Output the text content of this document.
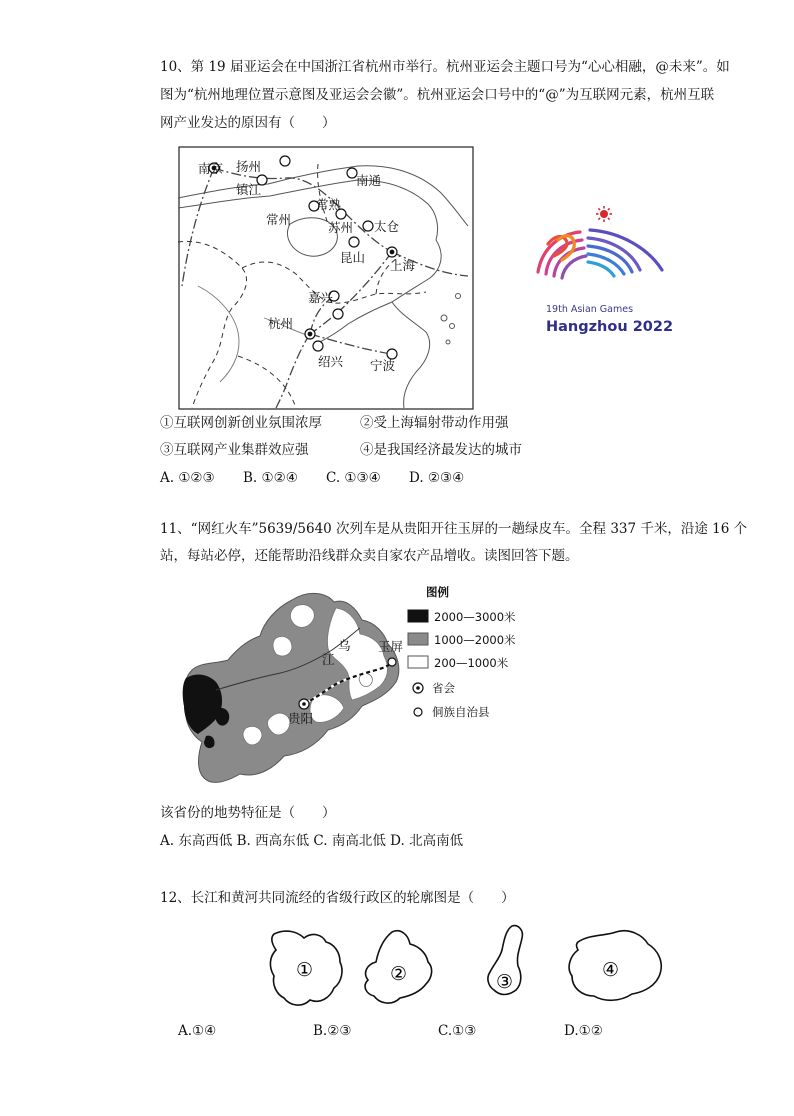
10、第 19 届亚运会在中国浙江省杭州市举行。杭州亚运会主题口号为“心心相融，@未来”。如
图为“杭州地理位置示意图及亚运会会徽”。杭州亚运会口号中的“@”为互联网元素，杭州互联
网产业发达的原因有（　　）
南京 扬州
镇江
南通
常州
常熟
苏州 太仓
昆山
上海
嘉兴
杭州
绍兴 宁波
19th Asian Games
Hangzhou 2022
①互联网创新创业氛围浓厚	②受上海辐射带动作用强
③互联网产业集群效应强	④是我国经济最发达的城市
A. ①②③ B. ①②④ C. ①③④ D. ②③④
11、“网红火车”5639/5640 次列车是从贵阳开往玉屏的一趟绿皮车。全程 337 千米，沿途 16 个
站，每站必停，还能帮助沿线群众卖自家农产品增收。读图回答下题。
贵阳
玉屏
乌
江
图例
2000—3000米
1000—2000米
200—1000米
省会
侗族自治县
该省份的地势特征是（　　）
A. 东高西低 B. 西高东低 C. 南高北低 D. 北高南低
12、长江和黄河共同流经的省级行政区的轮廓图是（　　）
①	②	③
④
A.①④	B.②③	C.①③	D.①②
